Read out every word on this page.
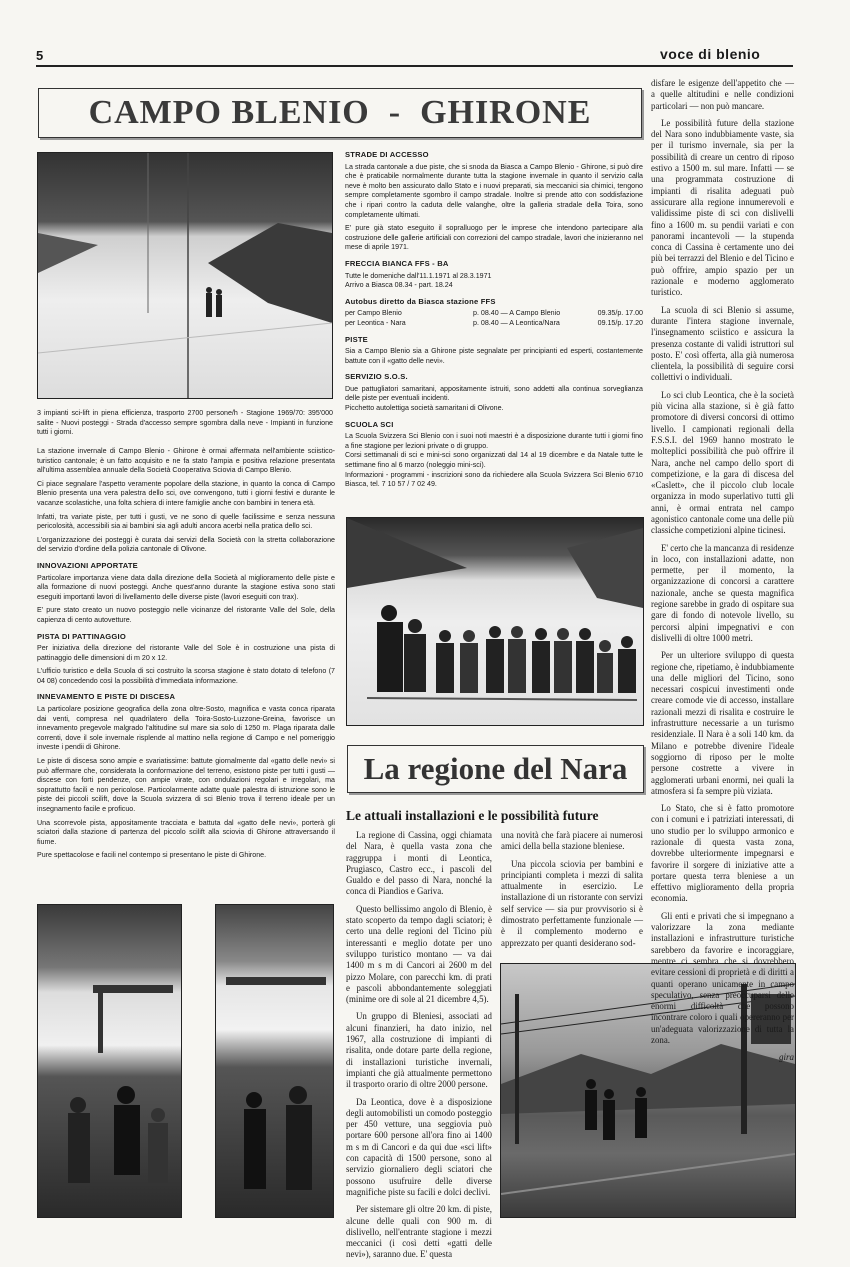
5	voce di blenio
CAMPO BLENIO  -  GHIRONE
3 impianti sci-lift in piena efficienza, trasporto 2700 persone/h - Stagione 1969/70: 395'000 salite - Nuovi posteggi - Strada d'accesso sempre sgombra dalla neve - Impianti in funzione tutti i giorni.

La stazione invernale di Campo Blenio - Ghirone è ormai affermata nell'ambiente sciistico-turistico cantonale; è un fatto acquisito e ne fa stato l'ampia e positiva relazione presentata all'ultima assemblea annuale della Società Cooperativa Sciovia di Campo Blenio.

Ci piace segnalare l'aspetto veramente popolare della stazione, in quanto la conca di Campo Blenio presenta una vera palestra dello sci, ove convengono, tutti i giorni festivi e durante le vacanze scolastiche, una folta schiera di intere famiglie anche con bambini in tenera età.

Infatti, tra variate piste, per tutti i gusti, ve ne sono di quelle facilissime e senza nessuna pericolosità, accessibili sia ai bambini sia agli adulti ancora acerbi nella pratica dello sci.

L'organizzazione dei posteggi è curata dai servizi della Società con la stretta collaborazione del servizio d'ordine della polizia cantonale di Olivone.

INNOVAZIONI APPORTATE

Particolare importanza viene data dalla direzione della Società al miglioramento delle piste e alla formazione di nuovi posteggi. Anche quest'anno durante la stagione estiva sono stati eseguiti importanti lavori di livellamento delle diverse piste (lavori eseguiti con trax).

E' pure stato creato un nuovo posteggio nelle vicinanze del ristorante Valle del Sole, della capienza di cento autovetture.

PISTA DI PATTINAGGIO

Per iniziativa della direzione del ristorante Valle del Sole è in costruzione una pista di pattinaggio delle dimensioni di m 20 x 12.

L'ufficio turistico e della Scuola di sci costruito la scorsa stagione è stato dotato di telefono (7 04 08) concedendo così la possibilità d'immediata informazione.

INNEVAMENTO E PISTE DI DISCESA

La particolare posizione geografica della zona oltre-Sosto, magnifica e vasta conca riparata dai venti, compresa nel quadrilatero della Toira-Sosto-Luzzone-Greina, favorisce un innevamento pregevole malgrado l'altitudine sul mare sia solo di 1250 m. Plaga riparata dalle correnti, dove il sole invernale risplende al mattino nella regione di Campo e nel pomeriggio investe i pendii di Ghirone.

Le piste di discesa sono ampie e svariatissime: battute giornalmente dal «gatto delle nevi» si può affermare che, considerata la conformazione del terreno, esistono piste per tutti i gusti — discese con forti pendenze, con ampie virate, con ondulazioni regolari e irregolari, ma soprattutto facili e non pericolose. Particolarmente adatte quale palestra di istruzione sono le piste dei piccoli scilift, dove la Scuola svizzera di sci Blenio trova il terreno ideale per un insegnamento facile e proficuo.

Una scorrevole pista, appositamente tracciata e battuta dal «gatto delle nevi», porterà gli sciatori dalla stazione di partenza del piccolo scilift alla sciovia di Ghirone attraversando il fiume.

Pure spettacolose e facili nel contempo si presentano le piste di Ghirone.

STRADE DI ACCESSO

La strada cantonale a due piste, che si snoda da Biasca a Campo Blenio - Ghirone, si può dire che è praticabile normalmente durante tutta la stagione invernale in quanto il servizio calla neve è molto ben assicurato dallo Stato e i nuovi preparati, sia meccanici sia chimici, tengono sempre completamente sgombro il campo stradale. Inoltre si prende atto con soddisfazione che i ripari contro la caduta delle valanghe, oltre la galleria stradale della Toira, sono completamente ultimati.

E' pure già stato eseguito il sopralluogo per le imprese che intendono partecipare alla costruzione delle gallerie artificiali con correzioni del campo stradale, lavori che inizieranno nel mese di aprile 1971.

FRECCIA BIANCA FFS - BA
Tutte le domeniche dall'11.1.1971 al 28.3.1971
Arrivo a Biasca 08.34 - part. 18.24
Autobus diretto da Biasca stazione FFS
per Campo Blenio	p. 08.40 — A Campo Blenio	09.35/p. 17.00
per Leontica - Nara	p. 08.40 — A Leontica/Nara	09.15/p. 17.20
PISTE

Sia a Campo Blenio sia a Ghirone piste segnalate per principianti ed esperti, costantemente battute con il «gatto delle nevi».

SERVIZIO S.O.S.

Due pattugliatori samaritani, appositamente istruiti, sono addetti alla continua sorveglianza delle piste per eventuali incidenti.

Picchetto autolettiga società samaritani di Olivone.

SCUOLA SCI

La Scuola Svizzera Sci Blenio con i suoi noti maestri è a disposizione durante tutti i giorni fino a fine stagione per lezioni private o di gruppo.

Corsi settimanali di sci e mini-sci sono organizzati dal 14 al 19 dicembre e da Natale tutte le settimane fino al 6 marzo (noleggio mini-sci).

Informazioni - programmi - inscrizioni sono da richiedere alla Scuola Svizzera Sci Blenio 6710 Biasca, tel. 7 10 57 / 7 02 49.

La regione del Nara
Le attuali installazioni e le possibilità future

La regione di Cassina, oggi chiamata del Nara, è quella vasta zona che raggruppa i monti di Leontica, Prugiasco, Castro ecc., i pascoli del Gualdo e del passo di Nara, nonché la conca di Piandios e Gariva.

Questo bellissimo angolo di Blenio, è stato scoperto da tempo dagli sciatori; è certo una delle regioni del Ticino più interessanti e meglio dotate per uno sviluppo turistico montano — va dai 1400 m s m di Cancori ai 2600 m del pizzo Molare, con parecchi km. di prati e pascoli abbondantemente soleggiati (minime ore di sole al 21 dicembre 4,5).

Un gruppo di Bleniesi, associati ad alcuni finanzieri, ha dato inizio, nel 1967, alla costruzione di impianti di risalita, onde dotare parte della regione, di installazioni turistiche invernali, impianti che già attualmente permettono il trasporto orario di oltre 2000 persone.

Da Leontica, dove è a disposizione degli automobilisti un comodo posteggio per 450 vetture, una seggiovia può portare 600 persone all'ora fino ai 1400 m s m di Cancori e da qui due «sci lift» con capacità di 1500 persone, sono al servizio giornaliero degli sciatori che possono usufruire delle diverse magnifiche piste su facili e dolci declivi.

Per sistemare gli oltre 20 km. di piste, alcune delle quali con 900 m. di dislivello, nell'entrante stagione i mezzi meccanici (i così detti «gatti delle nevi»), saranno due. E' questa

una novità che farà piacere ai numerosi amici della bella stazione bleniese.

Una piccola sciovia per bambini e principianti completa i mezzi di salita attualmente in esercizio. Le installazione di un ristorante con servizi self service — sia pur provvisorio si è dimostrato perfettamente funzionale — è il complemento moderno e apprezzato per quanti desiderano sod-

disfare le esigenze dell'appetito che — a quelle altitudini e nelle condizioni particolari — non può mancare.

Le possibilità future della stazione del Nara sono indubbiamente vaste, sia per il turismo invernale, sia per la possibilità di creare un centro di riposo estivo a 1500 m. sul mare. Infatti — se una programmata costruzione di impianti di risalita adeguati può assicurare alla regione innumerevoli e validissime piste di sci con dislivelli fino a 1600 m. su pendii variati e con panorami incantevoli — la stupenda conca di Cassina è certamente uno dei più bei terrazzi del Blenio e del Ticino e può offrire, ampio spazio per un razionale e moderno agglomerato turistico.

La scuola di sci Blenio si assume, durante l'intera stagione invernale, l'insegnamento sciistico e assicura la presenza costante di validi istruttori sul posto. E' così offerta, alla già numerosa clientela, la possibilità di seguire corsi collettivi o individuali.

Lo sci club Leontica, che è la società più vicina alla stazione, si è già fatto promotore di diversi concorsi di ottimo livello. I campionati regionali della F.S.S.I. del 1969 hanno mostrato le molteplici possibilità che può offrire il Nara, anche nel campo dello sport di competizione, e la gara di discesa del «Caslett», che il piccolo club locale organizza in modo superlativo tutti gli anni, è ormai entrata nel campo agonistico cantonale come una delle più classiche competizioni alpine ticinesi.

E' certo che la mancanza di residenze in loco, con installazioni adatte, non permette, per il momento, la organizzazione di concorsi a carattere nazionale, anche se questa magnifica regione sarebbe in grado di ospitare sua gare di fondo di notevole livello, su percorsi alpini impegnativi e con dislivelli di oltre 1000 metri.

Per un ulteriore sviluppo di questa regione che, ripetiamo, è indubbiamente una delle migliori del Ticino, sono necessari cospicui investimenti onde creare comode vie di accesso, installare razionali mezzi di risalita e costruire le infrastrutture necessarie a un turismo residenziale. Il Nara è a soli 140 km. da Milano e potrebbe divenire l'ideale soggiorno di riposo per le molte persone costrette a vivere in agglomerati urbani enormi, nei quali la atmosfera si fa sempre più viziata.

Lo Stato, che si è fatto promotore con i comuni e i patriziati interessati, di uno studio per lo sviluppo armonico e razionale di questa vasta zona, dovrebbe ulteriormente impegnarsi e favorire il sorgere di iniziative atte a portare questa terra bleniese a un effettivo miglioramento della propria economia.

Gli enti e privati che si impegnano a valorizzare la zona mediante installazioni e infrastrutture turistiche sarebbero da favorire e incoraggiare, mentre ci sembra che si dovrebbero evitare cessioni di proprietà e di diritti a quanti operano unicamente in campo speculativo, senza preoccuparsi delle enormi difficoltà che possono incontrare coloro i quali opereranno per un'adeguata valorizzazione di tutta la zona.

gira
